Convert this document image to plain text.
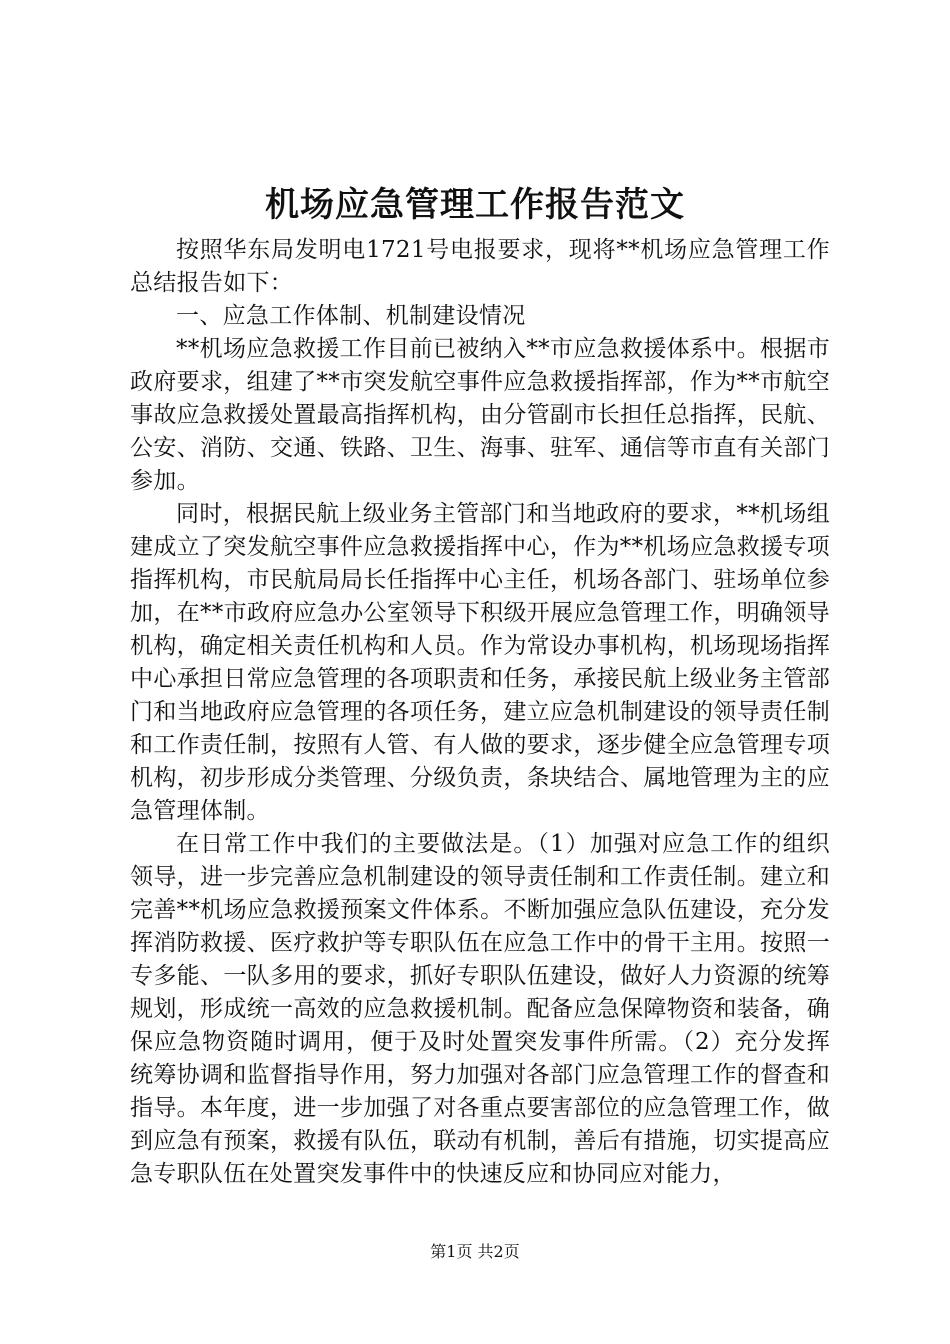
机场应急管理工作报告范文

按照华东局发明电1721号电报要求，现将**机场应急管理工作总结报告如下：

一、应急工作体制、机制建设情况

**机场应急救援工作目前已被纳入**市应急救援体系中。根据市政府要求，组建了**市突发航空事件应急救援指挥部，作为**市航空事故应急救援处置最高指挥机构，由分管副市长担任总指挥，民航、公安、消防、交通、铁路、卫生、海事、驻军、通信等市直有关部门参加。

同时，根据民航上级业务主管部门和当地政府的要求，**机场组建成立了突发航空事件应急救援指挥中心，作为**机场应急救援专项指挥机构，市民航局局长任指挥中心主任，机场各部门、驻场单位参加，在**市政府应急办公室领导下积级开展应急管理工作，明确领导机构，确定相关责任机构和人员。作为常设办事机构，机场现场指挥中心承担日常应急管理的各项职责和任务，承接民航上级业务主管部门和当地政府应急管理的各项任务，建立应急机制建设的领导责任制和工作责任制，按照有人管、有人做的要求，逐步健全应急管理专项机构，初步形成分类管理、分级负责，条块结合、属地管理为主的应急管理体制。

在日常工作中我们的主要做法是。（1）加强对应急工作的组织领导，进一步完善应急机制建设的领导责任制和工作责任制。建立和完善**机场应急救援预案文件体系。不断加强应急队伍建设，充分发挥消防救援、医疗救护等专职队伍在应急工作中的骨干主用。按照一专多能、一队多用的要求，抓好专职队伍建设，做好人力资源的统筹规划，形成统一高效的应急救援机制。配备应急保障物资和装备，确保应急物资随时调用，便于及时处置突发事件所需。（2）充分发挥统筹协调和监督指导作用，努力加强对各部门应急管理工作的督查和指导。本年度，进一步加强了对各重点要害部位的应急管理工作，做到应急有预案，救援有队伍，联动有机制，善后有措施，切实提高应急专职队伍在处置突发事件中的快速反应和协同应对能力，

第1页 共2页
